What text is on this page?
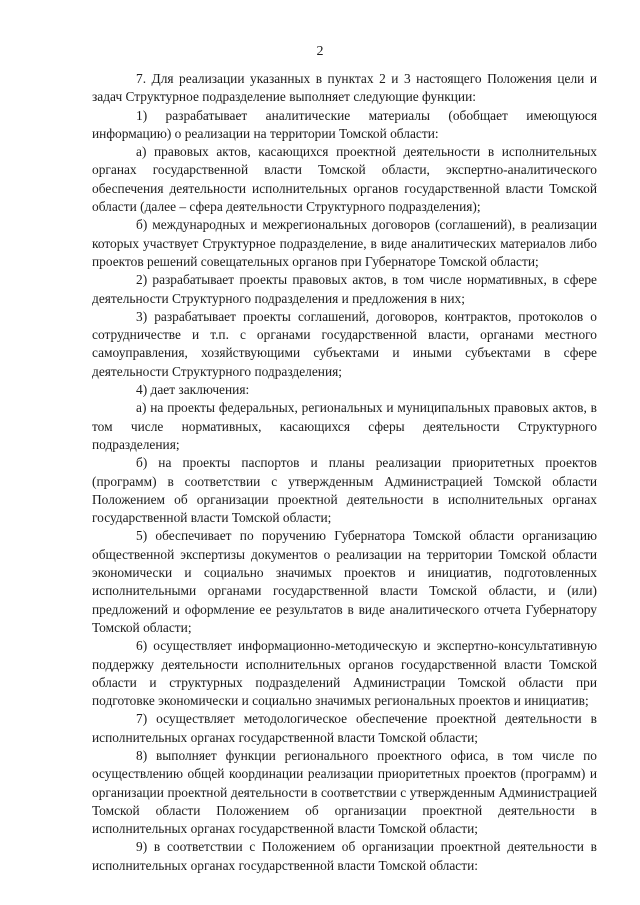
2

7. Для реализации указанных в пунктах 2 и 3 настоящего Положения цели и задач Структурное подразделение выполняет следующие функции:

1) разрабатывает аналитические материалы (обобщает имеющуюся информацию) о реализации на территории Томской области:

а) правовых актов, касающихся проектной деятельности в исполнительных органах государственной власти Томской области, экспертно-аналитического обеспечения деятельности исполнительных органов государственной власти Томской области (далее – сфера деятельности Структурного подразделения);

б) международных и межрегиональных договоров (соглашений), в реализации которых участвует Структурное подразделение, в виде аналитических материалов либо проектов решений совещательных органов при Губернаторе Томской области;

2) разрабатывает проекты правовых актов, в том числе нормативных, в сфере деятельности Структурного подразделения и предложения в них;

3) разрабатывает проекты соглашений, договоров, контрактов, протоколов о сотрудничестве и т.п. с органами государственной власти, органами местного самоуправления, хозяйствующими субъектами и иными субъектами в сфере деятельности Структурного подразделения;

4) дает заключения:

а) на проекты федеральных, региональных и муниципальных правовых актов, в том числе нормативных, касающихся сферы деятельности Структурного подразделения;

б) на проекты паспортов и планы реализации приоритетных проектов (программ) в соответствии с утвержденным Администрацией Томской области Положением об организации проектной деятельности в исполнительных органах государственной власти Томской области;

5) обеспечивает по поручению Губернатора Томской области организацию общественной экспертизы документов о реализации на территории Томской области экономически и социально значимых проектов и инициатив, подготовленных исполнительными органами государственной власти Томской области, и (или) предложений и оформление ее результатов в виде аналитического отчета Губернатору Томской области;

6) осуществляет информационно-методическую и экспертно-консультативную поддержку деятельности исполнительных органов государственной власти Томской области и структурных подразделений Администрации Томской области при подготовке экономически и социально значимых региональных проектов и инициатив;

7) осуществляет методологическое обеспечение проектной деятельности в исполнительных органах государственной власти Томской области;

8) выполняет функции регионального проектного офиса, в том числе по осуществлению общей координации реализации приоритетных проектов (программ) и организации проектной деятельности в соответствии с утвержденным Администрацией Томской области Положением об организации проектной деятельности в исполнительных органах государственной власти Томской области;

9) в соответствии с Положением об организации проектной деятельности в исполнительных органах государственной власти Томской области:
